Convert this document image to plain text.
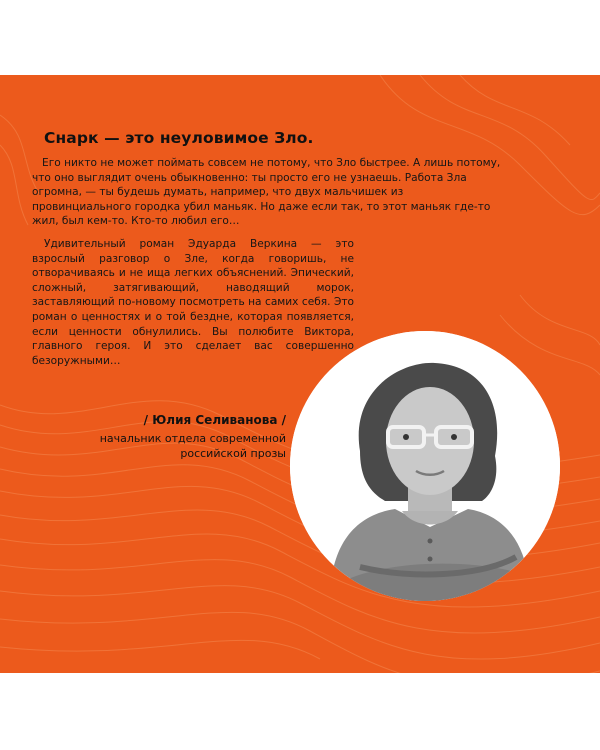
Снарк — это неуловимое Зло.

Его никто не может поймать совсем не потому, что Зло быстрее. А лишь потому, что оно выглядит очень обыкновенно: ты просто его не узнаешь. Работа Зла огромна, — ты будешь думать, например, что двух мальчишек из провинциального городка убил маньяк. Но даже если так, то этот маньяк где-то жил, был кем-то. Кто-то любил его…

Удивительный роман Эдуарда Веркина — это взрослый разговор о Зле, когда говоришь, не отворачиваясь и не ища легких объяснений. Эпический, сложный, затягивающий, наводящий морок, заставляющий по-новому посмотреть на самих себя. Это роман о ценностях и о той бездне, которая появляется, если ценности обнулились. Вы полюбите Виктора, главного героя. И это сделает вас совершенно безоружными…

/ Юлия Селиванова /
начальник отдела современной российской прозы
